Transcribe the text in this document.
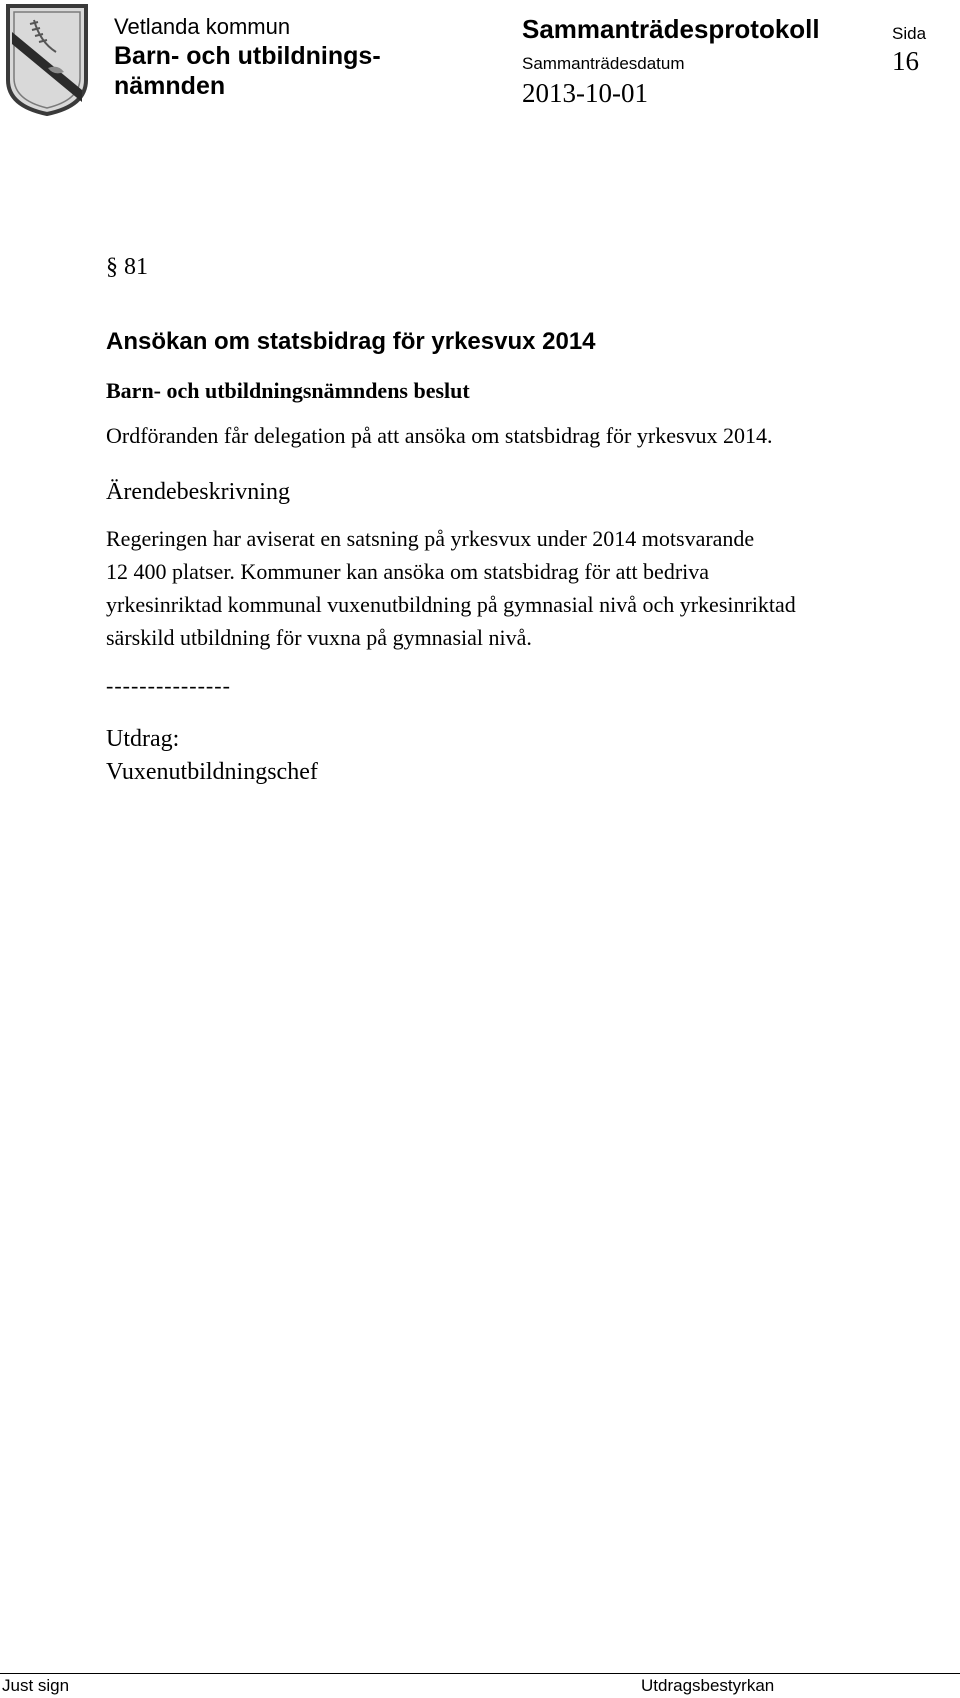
Vetlanda kommun
Barn- och utbildnings-
nämnden
Sammanträdesprotokoll
Sammanträdesdatum
2013-10-01
Sida
16
§ 81
Ansökan om statsbidrag för yrkesvux 2014
Barn- och utbildningsnämndens beslut
Ordföranden får delegation på att ansöka om statsbidrag för yrkesvux 2014.
Ärendebeskrivning
Regeringen har aviserat en satsning på yrkesvux under 2014 motsvarande
12 400 platser. Kommuner kan ansöka om statsbidrag för att bedriva
yrkesinriktad kommunal vuxenutbildning på gymnasial nivå och yrkesinriktad
särskild utbildning för vuxna på gymnasial nivå.
---------------
Utdrag:
Vuxenutbildningschef
Just sign	Utdragsbestyrkan
